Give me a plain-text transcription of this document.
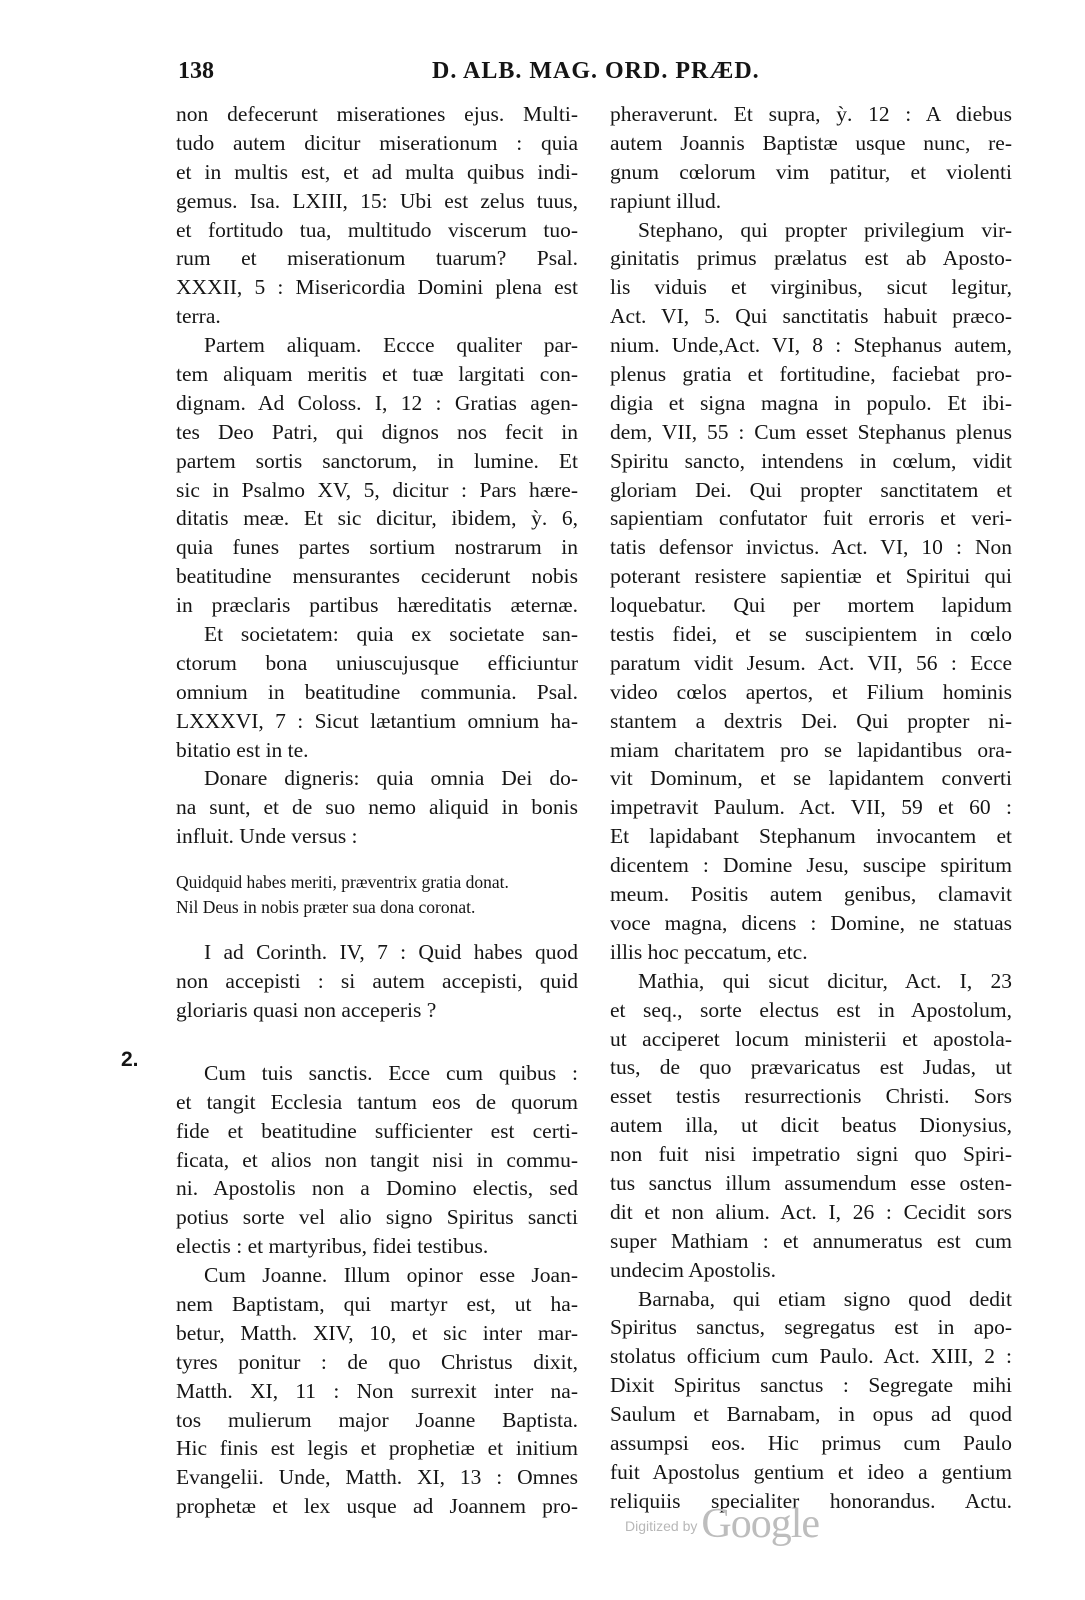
138	D. ALB. MAG. ORD. PRÆD.
2.
non defecerunt miserationes ejus. Multi-
tudo autem dicitur miserationum : quia
et in multis est, et ad multa quibus indi-
gemus. Isa. LXIII, 15: Ubi est zelus tuus,
et fortitudo tua, multitudo viscerum tuo-
rum et miserationum tuarum? Psal.
XXXII, 5 : Misericordia Domini plena est
terra.
Partem aliquam. Eccce qualiter par-
tem aliquam meritis et tuæ largitati con-
dignam. Ad Coloss. I, 12 : Gratias agen-
tes Deo Patri, qui dignos nos fecit in
partem sortis sanctorum, in lumine. Et
sic in Psalmo XV, 5, dicitur : Pars hære-
ditatis meæ. Et sic dicitur, ibidem, ỳ. 6,
quia funes partes sortium nostrarum in
beatitudine mensurantes ceciderunt nobis
in præclaris partibus hæreditatis æternæ.
Et societatem: quia ex societate san-
ctorum bona uniuscujusque efficiuntur
omnium in beatitudine communia. Psal.
LXXXVI, 7 : Sicut lætantium omnium ha-
bitatio est in te.
Donare digneris: quia omnia Dei do-
na sunt, et de suo nemo aliquid in bonis
influit. Unde versus :
Quidquid habes meriti, præventrix gratia donat.
Nil Deus in nobis præter sua dona coronat.
I ad Corinth. IV, 7 : Quid habes quod
non accepisti : si autem accepisti, quid
gloriaris quasi non acceperis ?
Cum tuis sanctis. Ecce cum quibus :
et tangit Ecclesia tantum eos de quorum
fide et beatitudine sufficienter est certi-
ficata, et alios non tangit nisi in commu-
ni. Apostolis non a Domino electis, sed
potius sorte vel alio signo Spiritus sancti
electis : et martyribus, fidei testibus.
Cum Joanne. Illum opinor esse Joan-
nem Baptistam, qui martyr est, ut ha-
betur, Matth. XIV, 10, et sic inter mar-
tyres ponitur : de quo Christus dixit,
Matth. XI, 11 : Non surrexit inter na-
tos mulierum major Joanne Baptista.
Hic finis est legis et prophetiæ et initium
Evangelii. Unde, Matth. XI, 13 : Omnes
prophetæ et lex usque ad Joannem pro-
pheraverunt. Et supra, ỳ. 12 : A diebus
autem Joannis Baptistæ usque nunc, re-
gnum cœlorum vim patitur, et violenti
rapiunt illud.
Stephano, qui propter privilegium vir-
ginitatis primus prælatus est ab Aposto-
lis viduis et virginibus, sicut legitur,
Act. VI, 5. Qui sanctitatis habuit præco-
nium. Unde,Act. VI, 8 : Stephanus autem,
plenus gratia et fortitudine, faciebat pro-
digia et signa magna in populo. Et ibi-
dem, VII, 55 : Cum esset Stephanus plenus
Spiritu sancto, intendens in cœlum, vidit
gloriam Dei. Qui propter sanctitatem et
sapientiam confutator fuit erroris et veri-
tatis defensor invictus. Act. VI, 10 : Non
poterant resistere sapientiæ et Spiritui qui
loquebatur. Qui per mortem lapidum
testis fidei, et se suscipientem in cœlo
paratum vidit Jesum. Act. VII, 56 : Ecce
video cœlos apertos, et Filium hominis
stantem a dextris Dei. Qui propter ni-
miam charitatem pro se lapidantibus ora-
vit Dominum, et se lapidantem converti
impetravit Paulum. Act. VII, 59 et 60 :
Et lapidabant Stephanum invocantem et
dicentem : Domine Jesu, suscipe spiritum
meum. Positis autem genibus, clamavit
voce magna, dicens : Domine, ne statuas
illis hoc peccatum, etc.
Mathia, qui sicut dicitur, Act. I, 23
et seq., sorte electus est in Apostolum,
ut acciperet locum ministerii et apostola-
tus, de quo prævaricatus est Judas, ut
esset testis resurrectionis Christi. Sors
autem illa, ut dicit beatus Dionysius,
non fuit nisi impetratio signi quo Spiri-
tus sanctus illum assumendum esse osten-
dit et non alium. Act. I, 26 : Cecidit sors
super Mathiam : et annumeratus est cum
undecim Apostolis.
Barnaba, qui etiam signo quod dedit
Spiritus sanctus, segregatus est in apo-
stolatus officium cum Paulo. Act. XIII, 2 :
Dixit Spiritus sanctus : Segregate mihi
Saulum et Barnabam, in opus ad quod
assumpsi eos. Hic primus cum Paulo
fuit Apostolus gentium et ideo a gentium
reliquiis specialiter honorandus. Actu.
Digitized by Google
